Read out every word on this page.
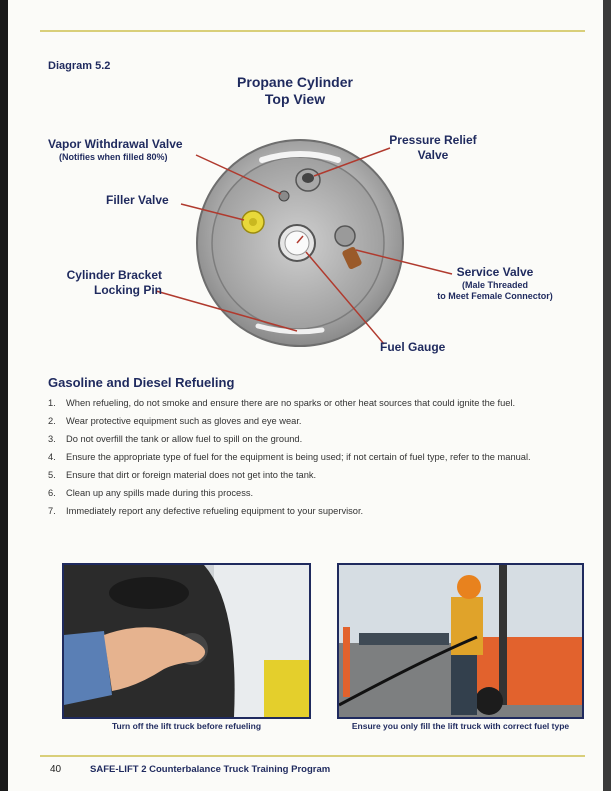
Diagram 5.2
Propane Cylinder
Top View
Vapor Withdrawal Valve
(Notifies when filled 80%)
Filler Valve
Cylinder Bracket
Locking Pin
Pressure Relief
Valve
Service Valve
(Male Threaded
to Meet Female Connector)
Fuel Gauge
Gasoline and Diesel Refueling
1. When refueling, do not smoke and ensure there are no sparks or other heat sources that could ignite the fuel.
2. Wear protective equipment such as gloves and eye wear.
3. Do not overfill the tank or allow fuel to spill on the ground.
4. Ensure the appropriate type of fuel for the equipment is being used; if not certain of fuel type, refer to the manual.
5. Ensure that dirt or foreign material does not get into the tank.
6. Clean up any spills made during this process.
7. Immediately report any defective refueling equipment to your supervisor.
Turn off the lift truck before refueling	Ensure you only fill the lift truck with correct fuel type
40	SAFE-LIFT 2 Counterbalance Truck Training Program
